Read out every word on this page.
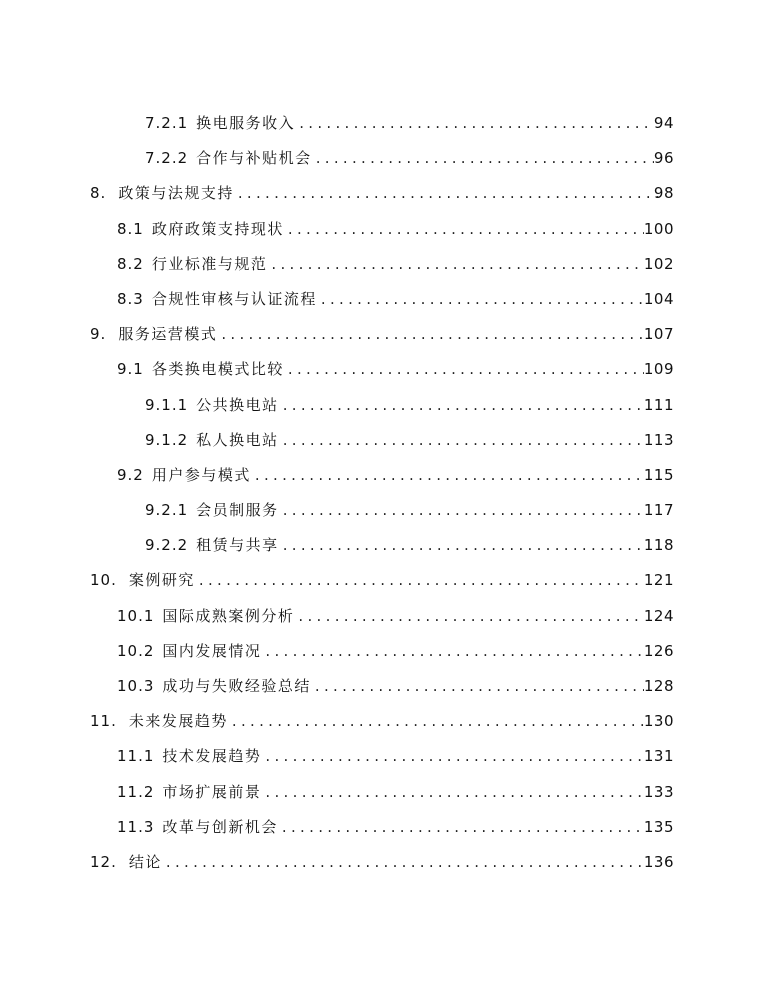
7.2.1 换电服务收入 .....	94
7.2.2 合作与补贴机会 .....	96
8. 政策与法规支持 .....	98
8.1 政府政策支持现状 .....	100
8.2 行业标准与规范 .....	102
8.3 合规性审核与认证流程 .....	104
9. 服务运营模式 .....	107
9.1 各类换电模式比较 .....	109
9.1.1 公共换电站 .....	111
9.1.2 私人换电站 .....	113
9.2 用户参与模式 .....	115
9.2.1 会员制服务 .....	117
9.2.2 租赁与共享 .....	118
10. 案例研究 .....	121
10.1 国际成熟案例分析 .....	124
10.2 国内发展情况 .....	126
10.3 成功与失败经验总结 .....	128
11. 未来发展趋势 .....	130
11.1 技术发展趋势 .....	131
11.2 市场扩展前景 .....	133
11.3 改革与创新机会 .....	135
12. 结论 .....	136
